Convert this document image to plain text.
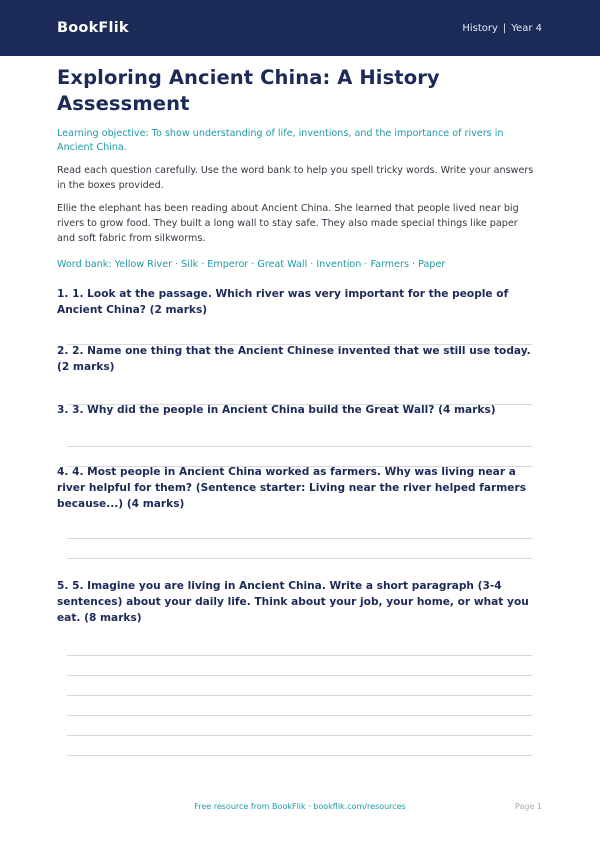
BookFlik	History | Year 4
Exploring Ancient China: A History Assessment

Learning objective: To show understanding of life, inventions, and the importance of rivers in Ancient China.

Read each question carefully. Use the word bank to help you spell tricky words. Write your answers in the boxes provided.

Ellie the elephant has been reading about Ancient China. She learned that people lived near big rivers to grow food. They built a long wall to stay safe. They also made special things like paper and soft fabric from silkworms.

Word bank: Yellow River · Silk · Emperor · Great Wall · Invention · Farmers · Paper

1. 1. Look at the passage. Which river was very important for the people of Ancient China? (2 marks)

2. 2. Name one thing that the Ancient Chinese invented that we still use today. (2 marks)

3. 3. Why did the people in Ancient China build the Great Wall? (4 marks)

4. 4. Most people in Ancient China worked as farmers. Why was living near a river helpful for them? (Sentence starter: Living near the river helped farmers because...) (4 marks)

5. 5. Imagine you are living in Ancient China. Write a short paragraph (3-4 sentences) about your daily life. Think about your job, your home, or what you eat. (8 marks)

Free resource from BookFlik · bookflik.com/resources	Page 1
